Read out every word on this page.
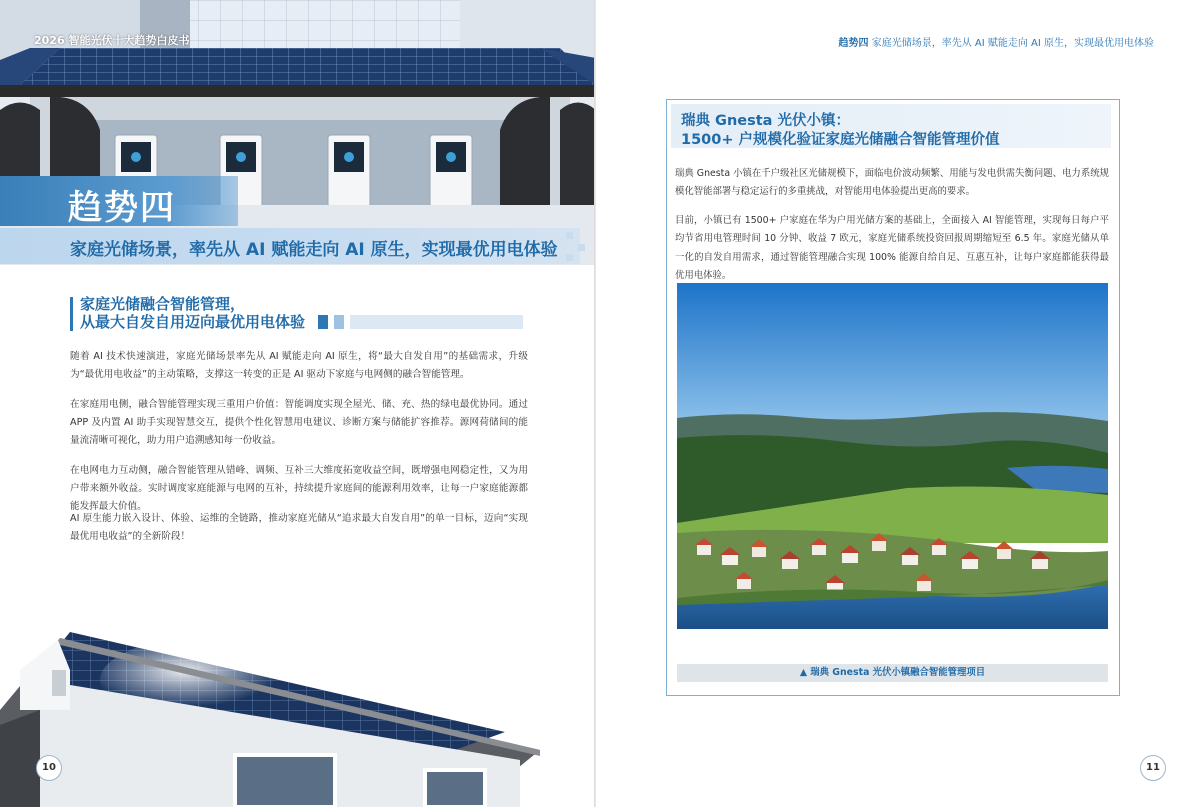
2026 智能光伏十大趋势白皮书
趋势四
家庭光储场景，率先从 AI 赋能走向 AI 原生，实现最优用电体验
家庭光储融合智能管理，
从最大自发自用迈向最优用电体验

随着 AI 技术快速演进，家庭光储场景率先从 AI 赋能走向 AI 原生，将“最大自发自用”的基础需求，升级为“最优用电收益”的主动策略，支撑这一转变的正是 AI 驱动下家庭与电网侧的融合智能管理。

在家庭用电侧，融合智能管理实现三重用户价值：智能调度实现全屋光、储、充、热的绿电最优协同。通过 APP 及内置 AI 助手实现智慧交互，提供个性化智慧用电建议、诊断方案与储能扩容推荐。源网荷储间的能量流清晰可视化，助力用户追溯感知每一份收益。

在电网电力互动侧，融合智能管理从错峰、调频、互补三大维度拓宽收益空间，既增强电网稳定性，又为用户带来额外收益。实时调度家庭能源与电网的互补，持续提升家庭间的能源利用效率，让每一户家庭能源都能发挥最大价值。

AI 原生能力嵌入设计、体验、运维的全链路，推动家庭光储从“追求最大自发自用”的单一目标，迈向“实现最优用电收益”的全新阶段！

10
趋势四 家庭光储场景，率先从 AI 赋能走向 AI 原生，实现最优用电体验
瑞典 Gnesta 光伏小镇：
1500+ 户规模化验证家庭光储融合智能管理价值

瑞典 Gnesta 小镇在千户级社区光储规模下，面临电价波动频繁、用能与发电供需失衡问题、电力系统规模化智能部署与稳定运行的多重挑战，对智能用电体验提出更高的要求。

目前，小镇已有 1500+ 户家庭在华为户用光储方案的基础上，全面接入 AI 智能管理，实现每日每户平均节省用电管理时间 10 分钟、收益 7 欧元，家庭光储系统投资回报周期缩短至 6.5 年。家庭光储从单一化的自发自用需求，通过智能管理融合实现 100% 能源自给自足、互惠互补，让每户家庭都能获得最优用电体验。

▲ 瑞典 Gnesta 光伏小镇融合智能管理项目
11
